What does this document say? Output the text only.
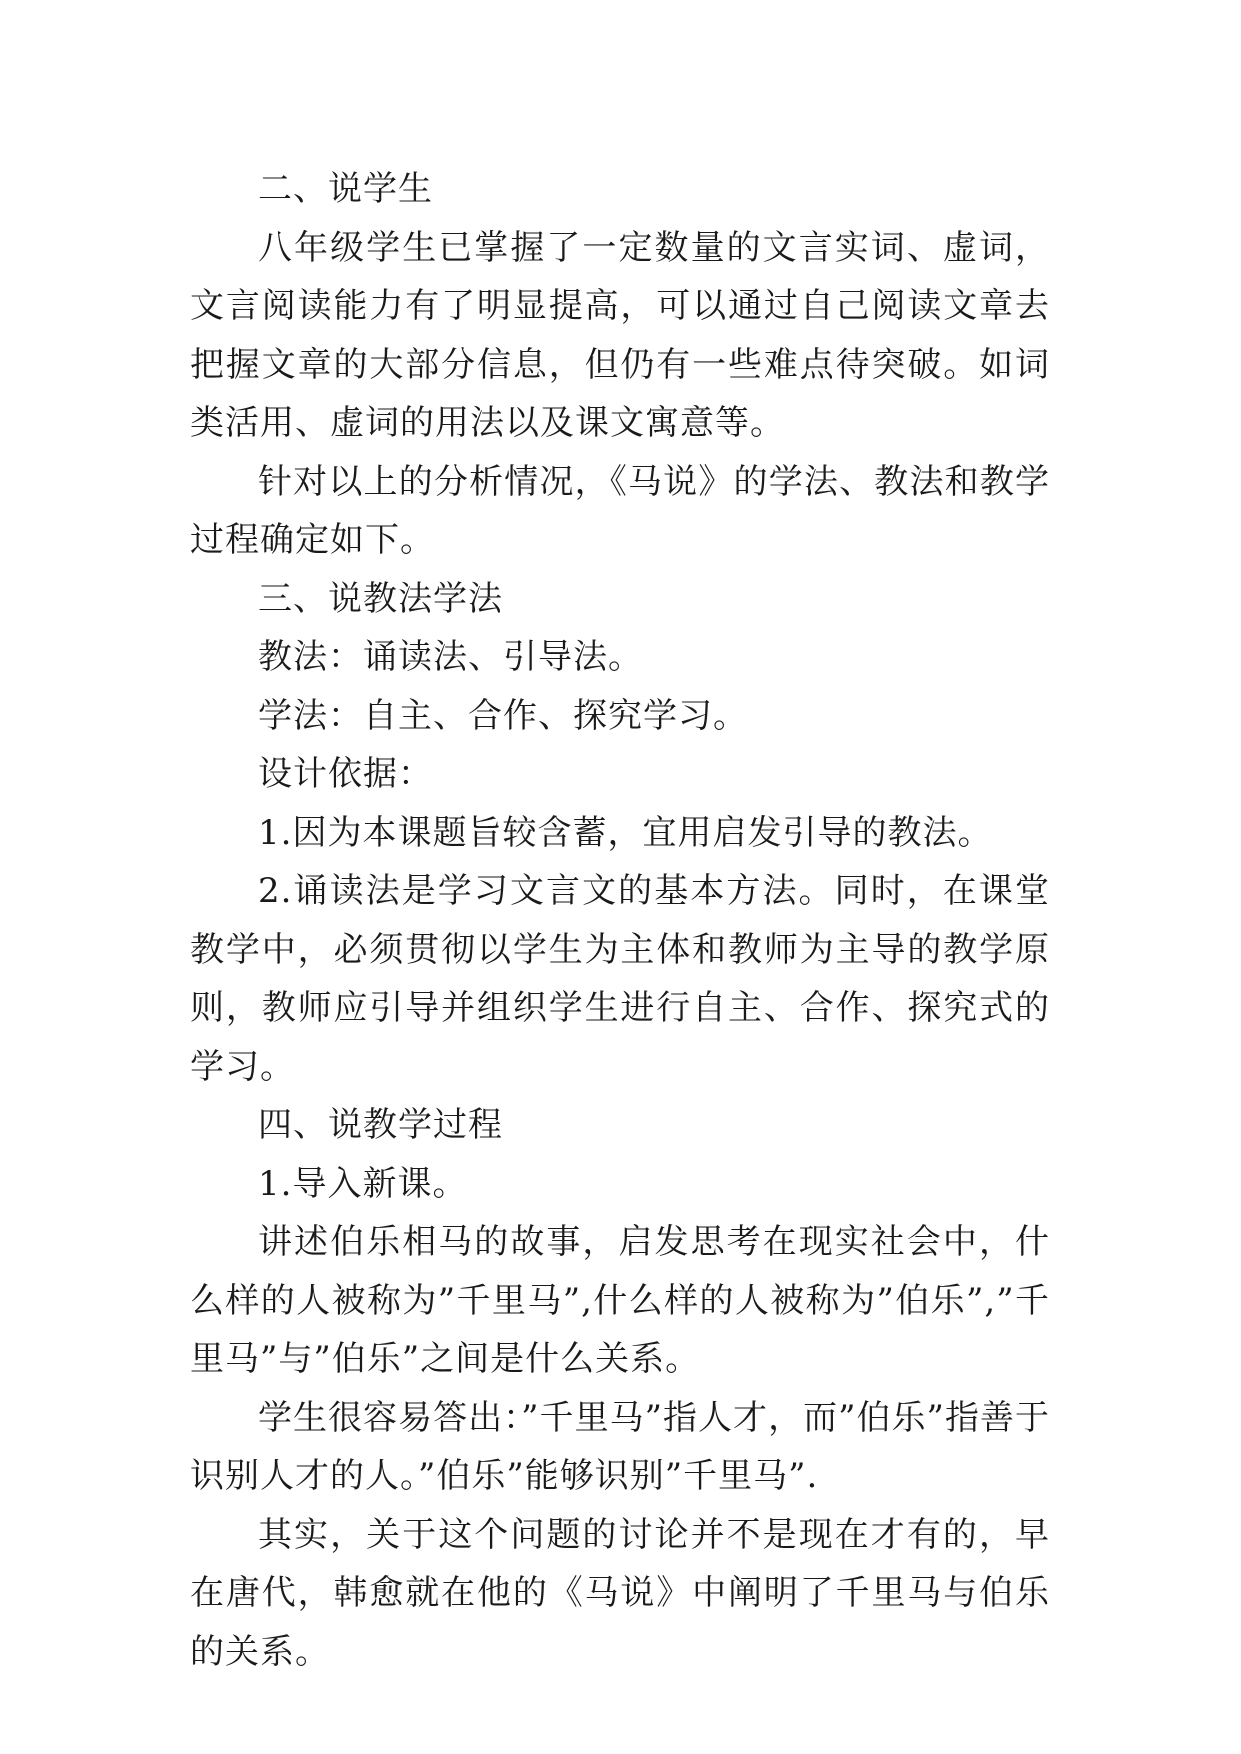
二、说学生

八年级学生已掌握了一定数量的文言实词、虚词，文言阅读能力有了明显提高，可以通过自己阅读文章去把握文章的大部分信息，但仍有一些难点待突破。如词类活用、虚词的用法以及课文寓意等。

针对以上的分析情况，《马说》的学法、教法和教学过程确定如下。

三、说教法学法

教法：诵读法、引导法。

学法：自主、合作、探究学习。

设计依据：

1.因为本课题旨较含蓄，宜用启发引导的教法。

2.诵读法是学习文言文的基本方法。同时，在课堂教学中，必须贯彻以学生为主体和教师为主导的教学原则，教师应引导并组织学生进行自主、合作、探究式的学习。

四、说教学过程

1.导入新课。

讲述伯乐相马的故事，启发思考在现实社会中，什么样的人被称为”千里马”,什么样的人被称为”伯乐”,”千里马”与”伯乐”之间是什么关系。

学生很容易答出：”千里马”指人才，而”伯乐”指善于识别人才的人。”伯乐”能够识别”千里马”.

其实，关于这个问题的讨论并不是现在才有的，早在唐代，韩愈就在他的《马说》中阐明了千里马与伯乐的关系。
